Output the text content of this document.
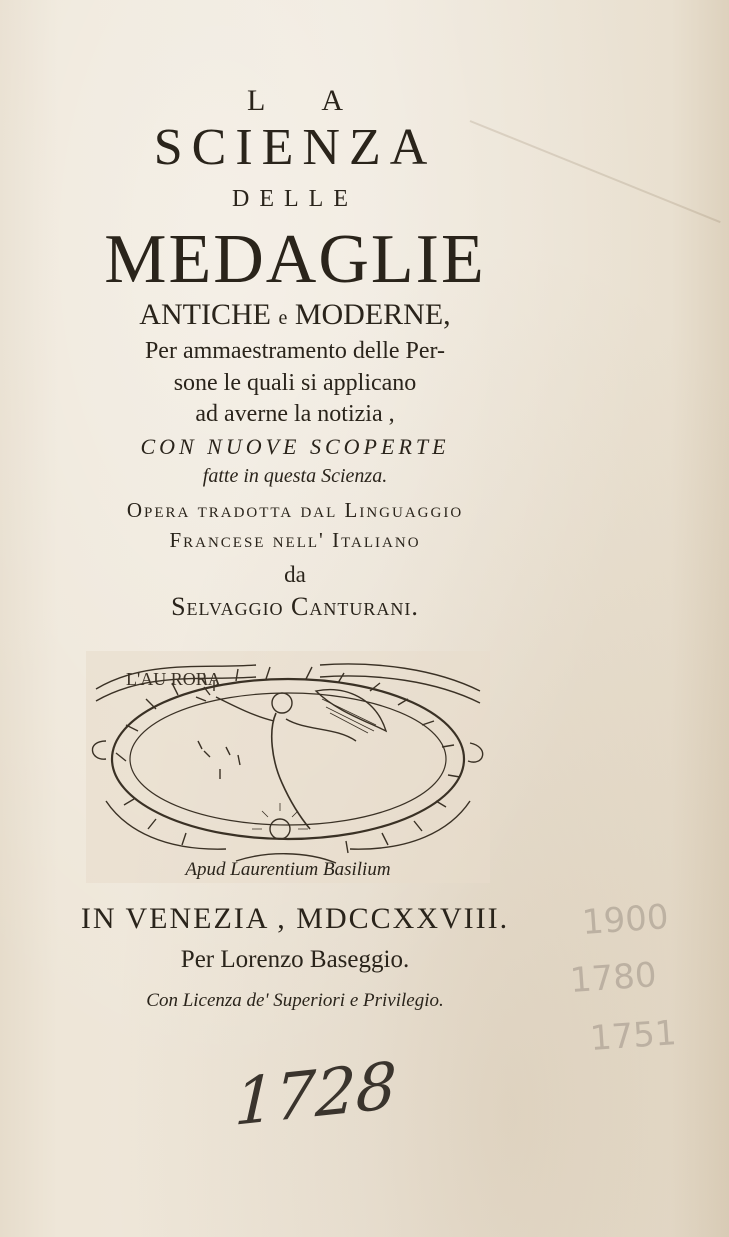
LA
SCIENZA
DELLE
MEDAGLIE
ANTICHE e MODERNE,
Per ammaestramento delle Per-
sone le quali si applicano
ad averne la notizia ,
CON NUOVE SCOPERTE
fatte in questa Scienza.
Opera tradotta dal Linguaggio
Francese nell' Italiano
da
Selvaggio Canturani.
L'AU RORA
Apud Laurentium Basilium
IN VENEZIA , MDCCXXVIII.
Per Lorenzo Baseggio.
Con Licenza de' Superiori e Privilegio.
1900
1780
1751
1728
